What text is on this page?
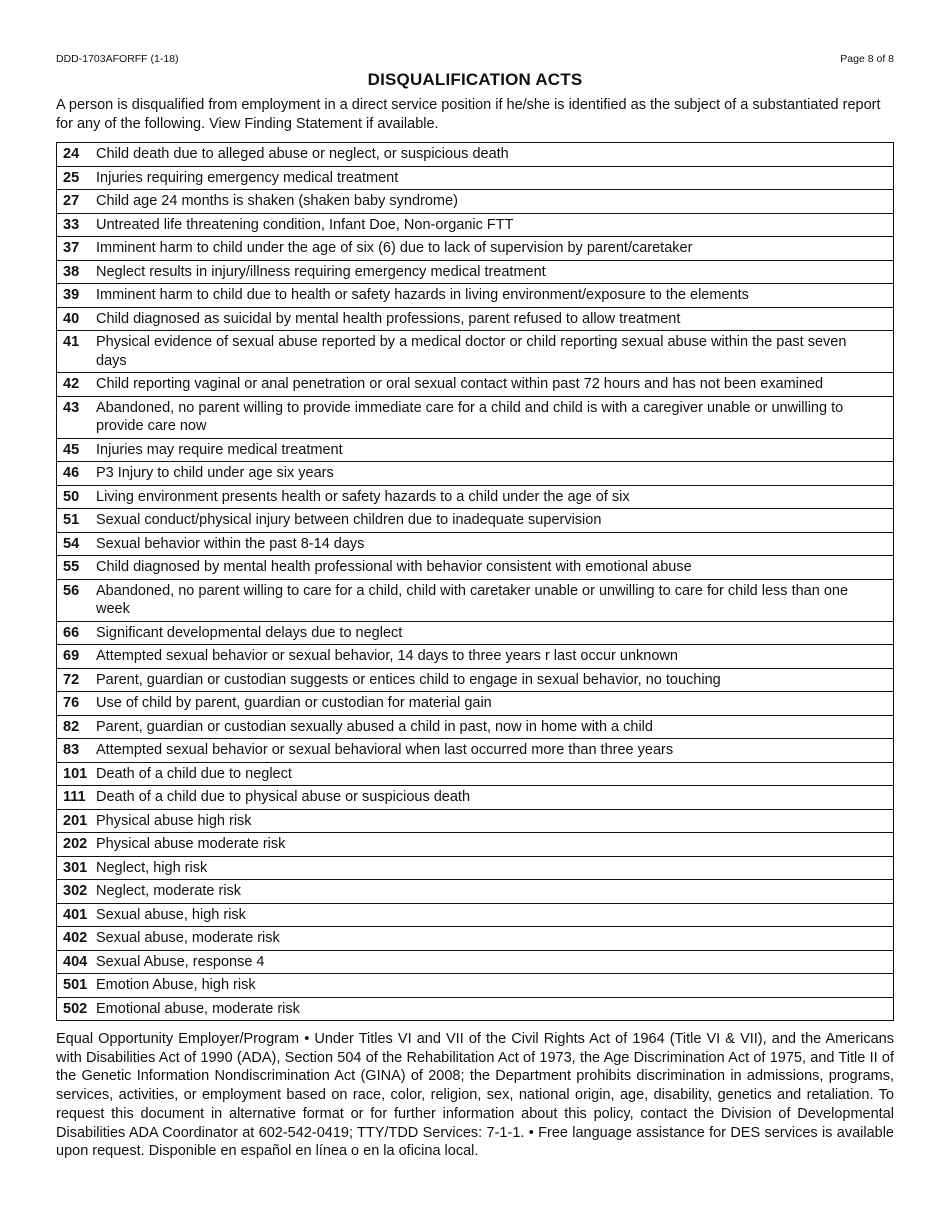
DDD-1703AFORFF (1-18)	Page 8 of 8
DISQUALIFICATION ACTS

A person is disqualified from employment in a direct service position if he/she is identified as the subject of a substantiated report for any of the following. View Finding Statement if available.

24 Child death due to alleged abuse or neglect, or suspicious death
25 Injuries requiring emergency medical treatment
27 Child age 24 months is shaken (shaken baby syndrome)
33 Untreated life threatening condition, Infant Doe, Non-organic FTT
37 Imminent harm to child under the age of six (6) due to lack of supervision by parent/caretaker
38 Neglect results in injury/illness requiring emergency medical treatment
39 Imminent harm to child due to health or safety hazards in living environment/exposure to the elements
40 Child diagnosed as suicidal by mental health professions, parent refused to allow treatment
41 Physical evidence of sexual abuse reported by a medical doctor or child reporting sexual abuse within the past seven days
42 Child reporting vaginal or anal penetration or oral sexual contact within past 72 hours and has not been examined
43 Abandoned, no parent willing to provide immediate care for a child and child is with a caregiver unable or unwilling to provide care now
45 Injuries may require medical treatment
46 P3 Injury to child under age six years
50 Living environment presents health or safety hazards to a child under the age of six
51 Sexual conduct/physical injury between children due to inadequate supervision
54 Sexual behavior within the past 8-14 days
55 Child diagnosed by mental health professional with behavior consistent with emotional abuse
56 Abandoned, no parent willing to care for a child, child with caretaker unable or unwilling to care for child less than one week
66 Significant developmental delays due to neglect
69 Attempted sexual behavior or sexual behavior, 14 days to three years r last occur unknown
72 Parent, guardian or custodian suggests or entices child to engage in sexual behavior, no touching
76 Use of child by parent, guardian or custodian for material gain
82 Parent, guardian or custodian sexually abused a child in past, now in home with a child
83 Attempted sexual behavior or sexual behavioral when last occurred more than three years
101 Death of a child due to neglect
111 Death of a child due to physical abuse or suspicious death
201 Physical abuse high risk
202 Physical abuse moderate risk
301 Neglect, high risk
302 Neglect, moderate risk
401 Sexual abuse, high risk
402 Sexual abuse, moderate risk
404 Sexual Abuse, response 4
501 Emotion Abuse, high risk
502 Emotional abuse, moderate risk

Equal Opportunity Employer/Program • Under Titles VI and VII of the Civil Rights Act of 1964 (Title VI & VII), and the Americans with Disabilities Act of 1990 (ADA), Section 504 of the Rehabilitation Act of 1973, the Age Discrimination Act of 1975, and Title II of the Genetic Information Nondiscrimination Act (GINA) of 2008; the Department prohibits discrimination in admissions, programs, services, activities, or employment based on race, color, religion, sex, national origin, age, disability, genetics and retaliation. To request this document in alternative format or for further information about this policy, contact the Division of Developmental Disabilities ADA Coordinator at 602-542-0419; TTY/TDD Services: 7-1-1. • Free language assistance for DES services is available upon request. Disponible en español en línea o en la oficina local.
